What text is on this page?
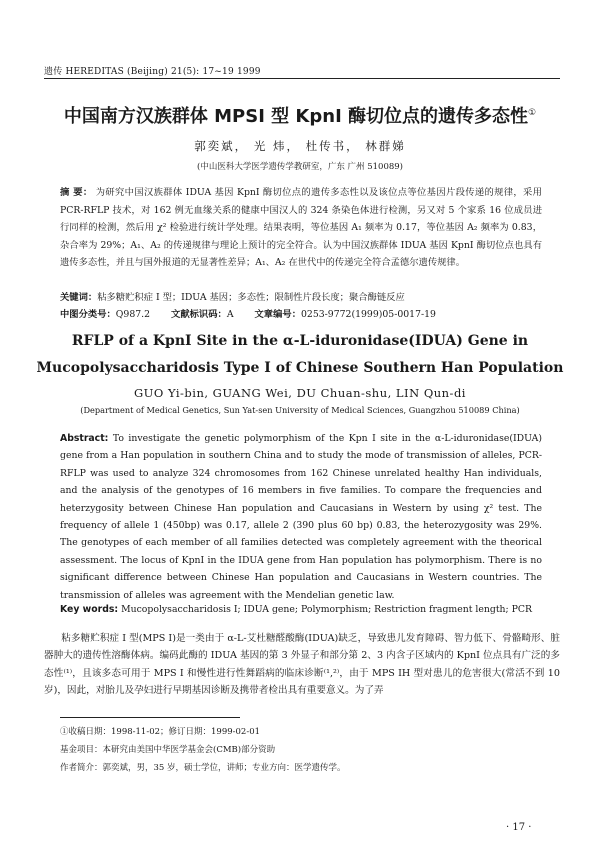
遗传 HEREDITAS (Beijing) 21(5): 17~19 1999
中国南方汉族群体 MPSI 型 KpnI 酶切位点的遗传多态性①
郭奕斌， 光 炜， 杜传书， 林群娣
(中山医科大学医学遗传学教研室，广东 广州 510089)
摘 要： 为研究中国汉族群体 IDUA 基因 KpnI 酶切位点的遗传多态性以及该位点等位基因片段传递的规律，采用 PCR-RFLP 技术，对 162 例无血缘关系的健康中国汉人的 324 条染色体进行检测，另又对 5 个家系 16 位成员进行同样的检测，然后用 χ² 检验进行统计学处理。结果表明，等位基因 A₁ 频率为 0.17，等位基因 A₂ 频率为 0.83，杂合率为 29%；A₁、A₂ 的传递规律与理论上预计的完全符合。认为中国汉族群体 IDUA 基因 KpnI 酶切位点也具有遗传多态性，并且与国外报道的无显著性差异；A₁、A₂ 在世代中的传递完全符合孟德尔遗传规律。
关键词：粘多糖贮积症 I 型；IDUA 基因；多态性；限制性片段长度；聚合酶链反应
中图分类号：Q987.2 文献标识码：A 文章编号：0253-9772(1999)05-0017-19
RFLP of a KpnI Site in the α-L-iduronidase(IDUA) Gene in
Mucopolysaccharidosis Type I of Chinese Southern Han Population
GUO Yi-bin, GUANG Wei, DU Chuan-shu, LIN Qun-di
(Department of Medical Genetics, Sun Yat-sen University of Medical Sciences, Guangzhou 510089 China)
Abstract: To investigate the genetic polymorphism of the Kpn I site in the α-L-iduronidase(IDUA) gene from a Han population in southern China and to study the mode of transmission of alleles, PCR-RFLP was used to analyze 324 chromosomes from 162 Chinese unrelated healthy Han individuals, and the analysis of the genotypes of 16 members in five families. To compare the frequencies and heterzygosity between Chinese Han population and Caucasians in Western by using χ² test. The frequency of allele 1 (450bp) was 0.17, allele 2 (390 plus 60 bp) 0.83, the heterozygosity was 29%. The genotypes of each member of all families detected was completely agreement with the theorical assessment. The locus of KpnI in the IDUA gene from Han population has polymorphism. There is no significant difference between Chinese Han population and Caucasians in Western countries. The transmission of alleles was agreement with the Mendelian genetic law.
Key words: Mucopolysaccharidosis I; IDUA gene; Polymorphism; Restriction fragment length; PCR
粘多糖贮积症 I 型(MPS I)是一类由于 α-L-艾杜糖醛酸酶(IDUA)缺乏，导致患儿发育障碍、智力低下、骨骼畸形、脏器肿大的遗传性溶酶体病。编码此酶的 IDUA 基因的第 3 外显子和部分第 2、3 内含子区域内的 KpnI 位点具有广泛的多态性⁽¹⁾，且该多态可用于 MPS I 和慢性进行性舞蹈病的临床诊断⁽¹,²⁾，由于 MPS IH 型对患儿的危害很大(常活不到 10 岁)，因此，对胎儿及孕妇进行早期基因诊断及携带者检出具有重要意义。为了弄
①收稿日期：1998-11-02；修订日期：1999-02-01
基金项目：本研究由美国中华医学基金会(CMB)部分资助
作者简介：郭奕斌，男，35 岁，硕士学位，讲师；专业方向：医学遗传学。
· 17 ·
